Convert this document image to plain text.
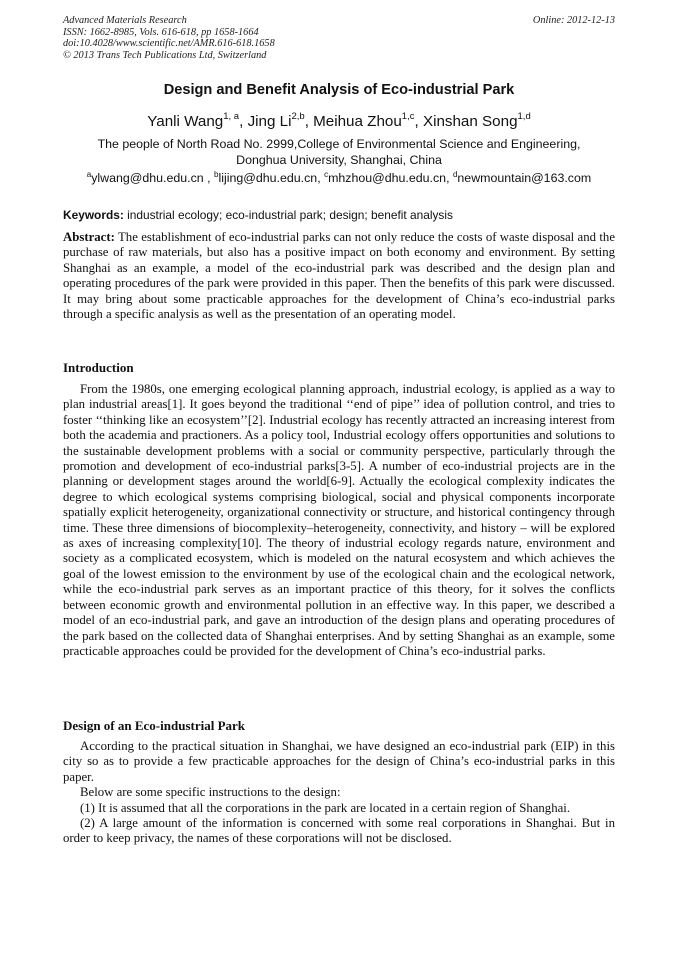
Advanced Materials Research
ISSN: 1662-8985, Vols. 616-618, pp 1658-1664
doi:10.4028/www.scientific.net/AMR.616-618.1658
© 2013 Trans Tech Publications Ltd, Switzerland
Online: 2012-12-13
Design and Benefit Analysis of Eco-industrial Park
Yanli Wang$^{1, a}$, Jing Li$^{2,b}$, Meihua Zhou$^{1,c}$, Xinshan Song$^{1,d}$
The people of North Road No. 2999,College of Environmental Science and Engineering,
Donghua University, Shanghai, China
$^a$ylwang@dhu.edu.cn , $^b$lijing@dhu.edu.cn, $^c$mhzhou@dhu.edu.cn, $^d$newmountain@163.com
Keywords: industrial ecology; eco-industrial park; design; benefit analysis
Abstract: The establishment of eco-industrial parks can not only reduce the costs of waste disposal and the purchase of raw materials, but also has a positive impact on both economy and environment. By setting Shanghai as an example, a model of the eco-industrial park was described and the design plan and operating procedures of the park were provided in this paper. Then the benefits of this park were discussed. It may bring about some practicable approaches for the development of China’s eco-industrial parks through a specific analysis as well as the presentation of an operating model.
Introduction

From the 1980s, one emerging ecological planning approach, industrial ecology, is applied as a way to plan industrial areas[1]. It goes beyond the traditional ‘‘end of pipe’’ idea of pollution control, and tries to foster ‘‘thinking like an ecosystem’’[2]. Industrial ecology has recently attracted an increasing interest from both the academia and practioners. As a policy tool, Industrial ecology offers opportunities and solutions to the sustainable development problems with a social or community perspective, particularly through the promotion and development of eco-industrial parks[3-5]. A number of eco-industrial projects are in the planning or development stages around the world[6-9]. Actually the ecological complexity indicates the degree to which ecological systems comprising biological, social and physical components incorporate spatially explicit heterogeneity, organizational connectivity or structure, and historical contingency through time. These three dimensions of biocomplexity–heterogeneity, connectivity, and history – will be explored as axes of increasing complexity[10]. The theory of industrial ecology regards nature, environment and society as a complicated ecosystem, which is modeled on the natural ecosystem and which achieves the goal of the lowest emission to the environment by use of the ecological chain and the ecological network, while the eco-industrial park serves as an important practice of this theory, for it solves the conflicts between economic growth and environmental pollution in an effective way. In this paper, we described a model of an eco-industrial park, and gave an introduction of the design plans and operating procedures of the park based on the collected data of Shanghai enterprises. And by setting Shanghai as an example, some practicable approaches could be provided for the development of China’s eco-industrial parks.

Design of an Eco-industrial Park

According to the practical situation in Shanghai, we have designed an eco-industrial park (EIP) in this city so as to provide a few practicable approaches for the design of China’s eco-industrial parks in this paper.

Below are some specific instructions to the design:

(1) It is assumed that all the corporations in the park are located in a certain region of Shanghai.

(2) A large amount of the information is concerned with some real corporations in Shanghai. But in order to keep privacy, the names of these corporations will not be disclosed.
